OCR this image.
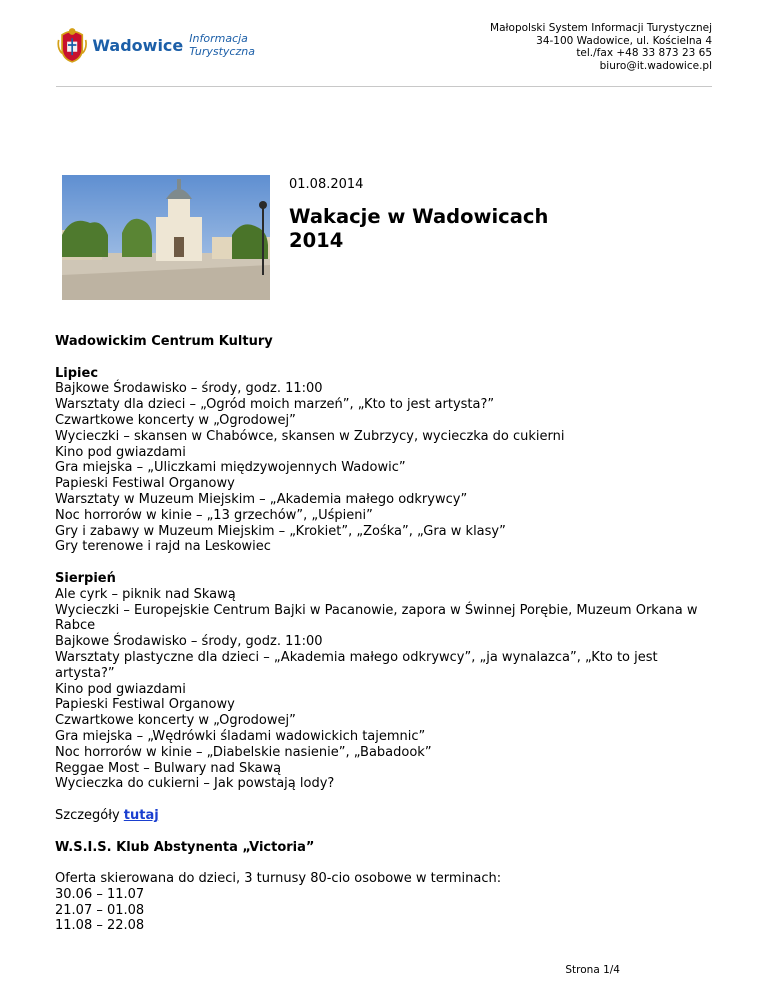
Wadowice Informacja Turystyczna
Małopolski System Informacji Turystycznej
34-100 Wadowice, ul. Kościelna 4
tel./fax +48 33 873 23 65
biuro@it.wadowice.pl
01.08.2014
Wakacje w Wadowicach
2014

Wadowickim Centrum Kultury

Lipiec
Bajkowe Środawisko – środy, godz. 11:00
Warsztaty dla dzieci – „Ogród moich marzeń”, „Kto to jest artysta?”
Czwartkowe koncerty w „Ogrodowej”
Wycieczki – skansen w Chabówce, skansen w Zubrzycy, wycieczka do cukierni
Kino pod gwiazdami
Gra miejska – „Uliczkami międzywojennych Wadowic”
Papieski Festiwal Organowy
Warsztaty w Muzeum Miejskim – „Akademia małego odkrywcy”
Noc horrorów w kinie – „13 grzechów”, „Uśpieni”
Gry i zabawy w Muzeum Miejskim – „Krokiet”, „Zośka”, „Gra w klasy”
Gry terenowe i rajd na Leskowiec

Sierpień
Ale cyrk – piknik nad Skawą
Wycieczki – Europejskie Centrum Bajki w Pacanowie, zapora w Świnnej Porębie, Muzeum Orkana w Rabce
Bajkowe Środawisko – środy, godz. 11:00
Warsztaty plastyczne dla dzieci – „Akademia małego odkrywcy”, „ja wynalazca”, „Kto to jest artysta?”
Kino pod gwiazdami
Papieski Festiwal Organowy
Czwartkowe koncerty w „Ogrodowej”
Gra miejska – „Wędrówki śladami wadowickich tajemnic”
Noc horrorów w kinie – „Diabelskie nasienie”, „Babadook”
Reggae Most – Bulwary nad Skawą
Wycieczka do cukierni – Jak powstają lody?

Szczegóły tutaj

W.S.I.S. Klub Abstynenta „Victoria”

Oferta skierowana do dzieci, 3 turnusy 80-cio osobowe w terminach:
30.06 – 11.07
21.07 – 01.08
11.08 – 22.08

Strona 1/4
